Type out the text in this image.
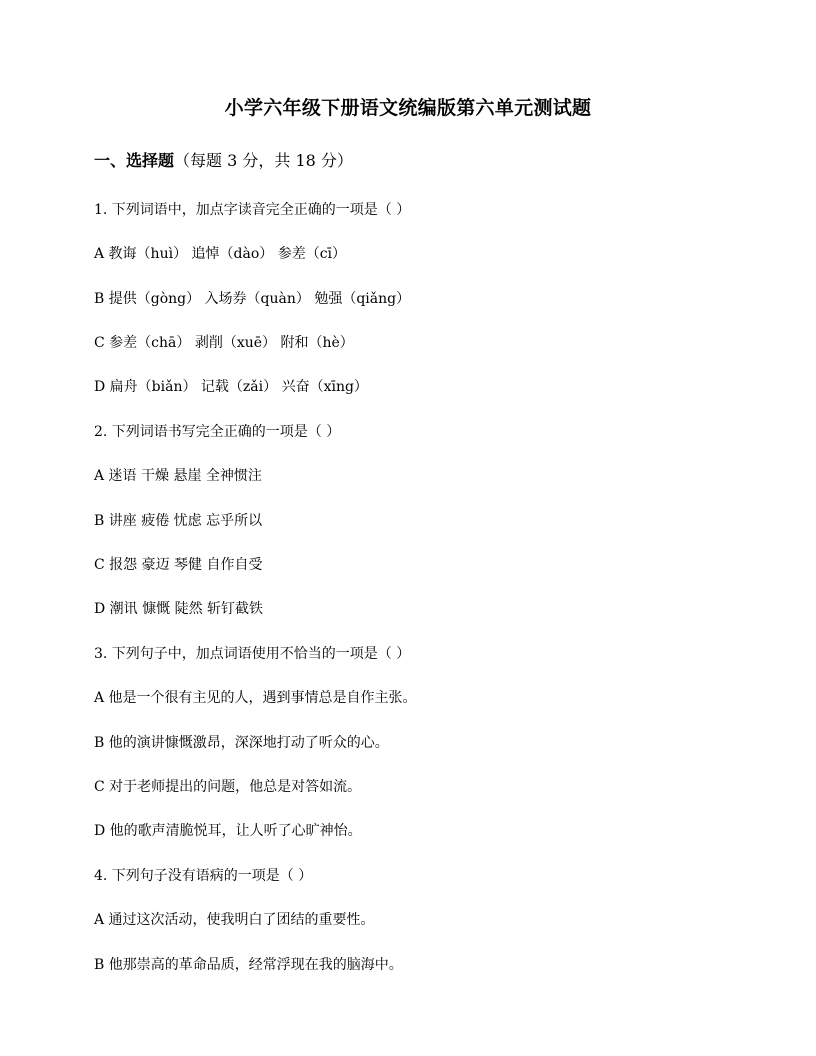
小学六年级下册语文统编版第六单元测试题
一、选择题（每题 3 分，共 18 分）
1. 下列词语中，加点字读音完全正确的一项是（ ）
A 教诲（huì） 追悼（dào） 参差（cī）
B 提供（gòng） 入场券（quàn） 勉强（qiǎng）
C 参差（chā） 剥削（xuē） 附和（hè）
D 扁舟（biǎn） 记载（zǎi） 兴奋（xīng）
2. 下列词语书写完全正确的一项是（ ）
A 迷语 干燥 悬崖 全神惯注
B 讲座 疲倦 忧虑 忘乎所以
C 报怨 豪迈 琴健 自作自受
D 潮讯 慷慨 陡然 斩钉截铁
3. 下列句子中，加点词语使用不恰当的一项是（ ）
A 他是一个很有主见的人，遇到事情总是自作主张。
B 他的演讲慷慨激昂，深深地打动了听众的心。
C 对于老师提出的问题，他总是对答如流。
D 他的歌声清脆悦耳，让人听了心旷神怡。
4. 下列句子没有语病的一项是（ ）
A 通过这次活动，使我明白了团结的重要性。
B 他那崇高的革命品质，经常浮现在我的脑海中。
